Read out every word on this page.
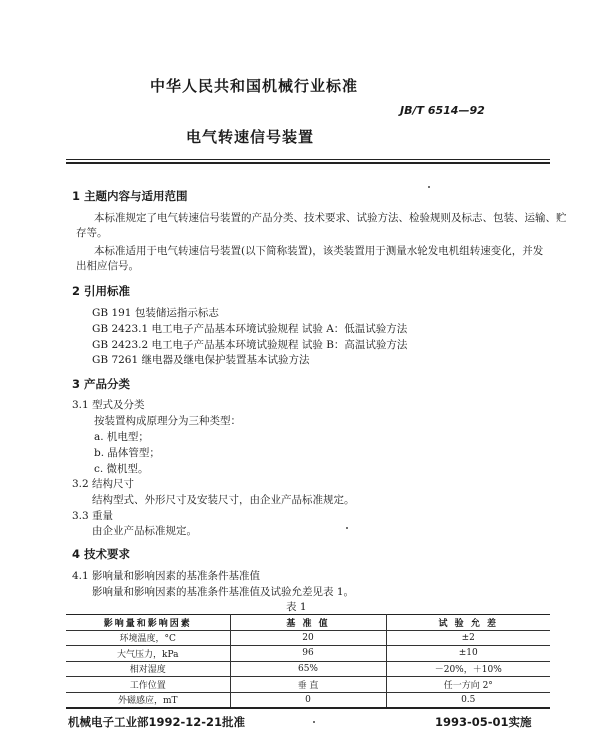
中华人民共和国机械行业标准
JB/T 6514—92
电气转速信号装置
1 主题内容与适用范围
本标准规定了电气转速信号装置的产品分类、技术要求、试验方法、检验规则及标志、包装、运输、贮
存等。
本标准适用于电气转速信号装置(以下简称装置)，该类装置用于测量水轮发电机组转速变化，并发
出相应信号。
2 引用标准
GB 191 包装储运指示标志
GB 2423.1 电工电子产品基本环境试验规程 试验 A：低温试验方法
GB 2423.2 电工电子产品基本环境试验规程 试验 B：高温试验方法
GB 7261 继电器及继电保护装置基本试验方法
3 产品分类
3.1 型式及分类
按装置构成原理分为三种类型：
a. 机电型；
b. 晶体管型；
c. 微机型。
3.2 结构尺寸
结构型式、外形尺寸及安装尺寸，由企业产品标准规定。
3.3 重量
由企业产品标准规定。
4 技术要求
4.1 影响量和影响因素的基准条件基准值
影响量和影响因素的基准条件基准值及试验允差见表 1。
表 1
影响量和影响因素	基 准 值	试 验 允 差
环境温度，°C	20	±2
大气压力，kPa	96	±10
相对湿度	65%	－20%，＋10%
工作位置	垂 直	任一方向 2°
外磁感应，mT	0	0.5
机械电子工业部1992-12-21批准	1993-05-01实施
